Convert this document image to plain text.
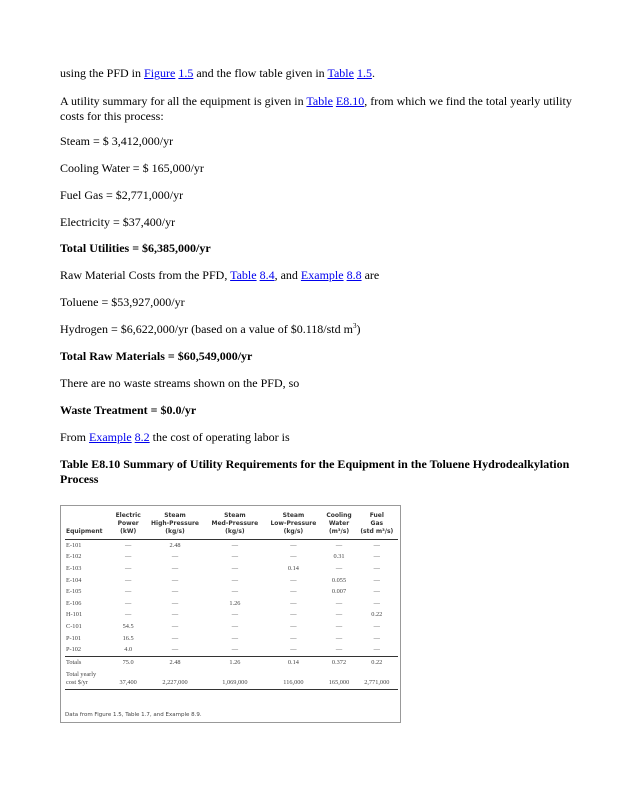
using the PFD in Figure 1.5 and the flow table given in Table 1.5.
A utility summary for all the equipment is given in Table E8.10, from which we find the total yearly utility costs for this process:
Steam = $ 3,412,000/yr
Cooling Water = $ 165,000/yr
Fuel Gas = $2,771,000/yr
Electricity = $37,400/yr
Total Utilities = $6,385,000/yr
Raw Material Costs from the PFD, Table 8.4, and Example 8.8 are
Toluene = $53,927,000/yr
Hydrogen = $6,622,000/yr (based on a value of $0.118/std $m^3$)
Total Raw Materials = $60,549,000/yr
There are no waste streams shown on the PFD, so
Waste Treatment = $0.0/yr
From Example 8.2 the cost of operating labor is
Table E8.10 Summary of Utility Requirements for the Equipment in the Toluene Hydrodealkylation Process

Equipment	Electric
Power
(kW)	Steam
High-Pressure
(kg/s)	Steam
Med-Pressure
(kg/s)	Steam
Low-Pressure
(kg/s)	Cooling
Water
(m³/s)	Fuel
Gas
(std m³/s)
E-101	—	2.48	—	—	—	—
E-102	—	—	—	—	0.31	—
E-103	—	—	—	0.14	—	—
E-104	—	—	—	—	0.055	—
E-105	—	—	—	—	0.007	—
E-106	—	—	1.26	—	—	—
H-101	—	—	—	—	—	0.22
C-101	54.5	—	—	—	—	—
P-101	16.5	—	—	—	—	—
P-102	4.0	—	—	—	—	—
Totals	75.0	2.48	1.26	0.14	0.372	0.22
Total yearly
cost $/yr	37,400	2,227,000	1,069,000	116,000	165,000	2,771,000
Data from Figure 1.5, Table 1.7, and Example 8.9.
